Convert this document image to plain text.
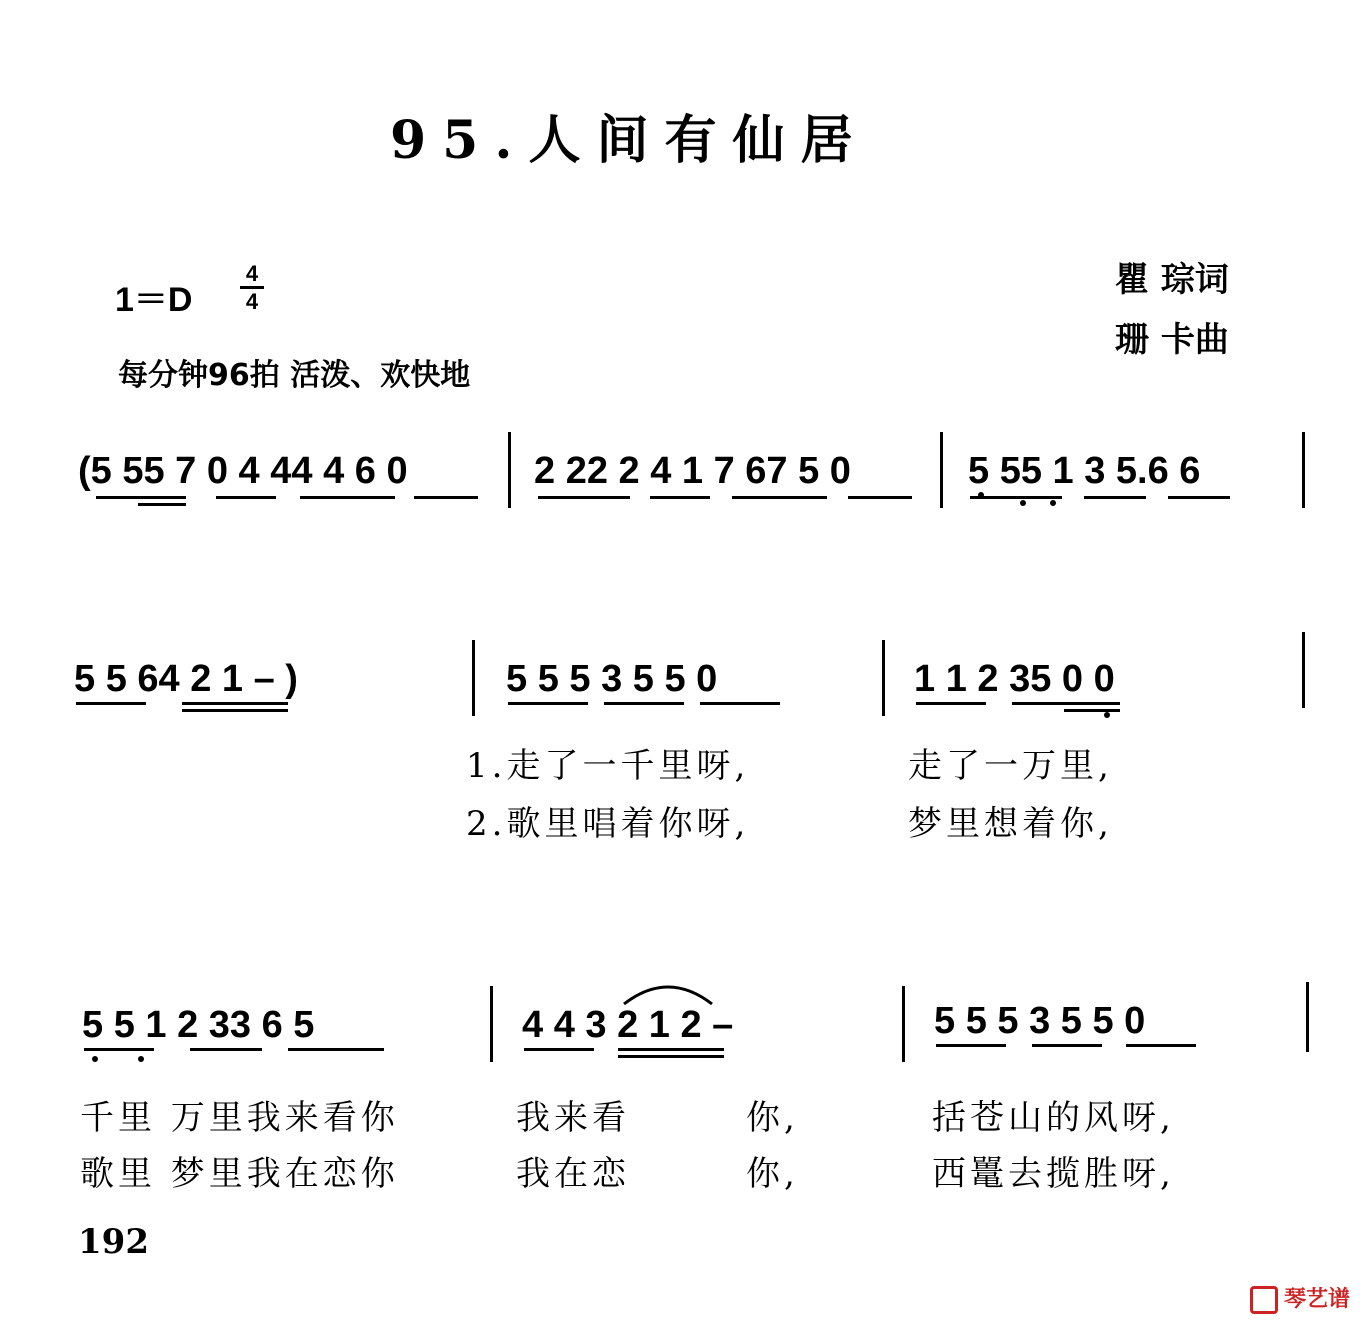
95.人间有仙居
1＝D
4
4
瞿 琮词
珊 卡曲
每分钟96拍 活泼、欢快地
(5 55 7 0 4 44 4 6 0	2 22 2 4 1 7 67 5 0	5 55 1 3 5.6 6
5 5 64 2 1 – )	5 5 5 3 5 5 0	1 1 2 35 0 0
1.走了一千里呀,	走了一万里,
2.歌里唱着你呀,	梦里想着你,
5 5 1 2 33 6 5	4 4 3 2 1 2 –	5 5 5 3 5 5 0
千里 万里我来看你	我来看	你,	括苍山的风呀,
歌里 梦里我在恋你	我在恋	你,	西鼍去揽胜呀,
192
琴艺谱
